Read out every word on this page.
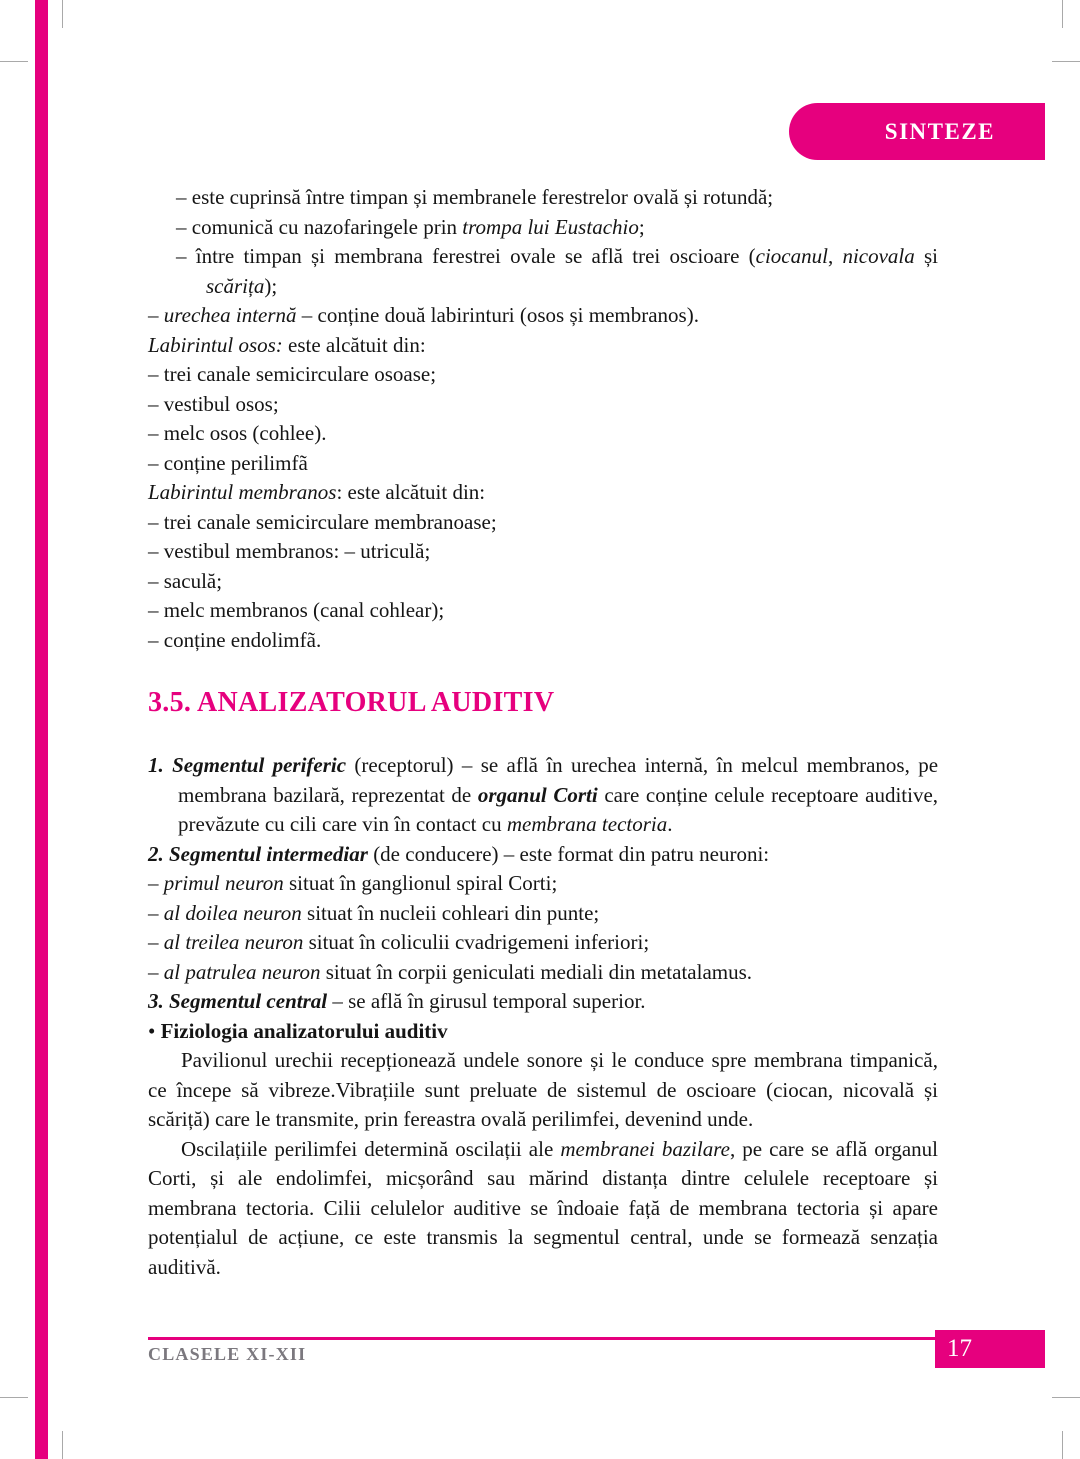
SINTEZE

– este cuprinsă între timpan și membranele ferestrelor ovală și rotundă;

– comunică cu nazofaringele prin trompa lui Eustachio;

– între timpan și membrana ferestrei ovale se află trei oscioare (ciocanul, nicovala și scărița);

– urechea internă – conține două labirinturi (osos și membranos).

Labirintul osos: este alcătuit din:

– trei canale semicirculare osoase;

– vestibul osos;

– melc osos (cohlee).

– conține perilimfã

Labirintul membranos: este alcătuit din:

– trei canale semicirculare membranoase;

– vestibul membranos: – utriculă;

– saculă;

– melc membranos (canal cohlear);

– conține endolimfã.

3.5. ANALIZATORUL AUDITIV

1. Segmentul periferic (receptorul) – se află în urechea internă, în melcul membranos, pe membrana bazilară, reprezentat de organul Corti care conține celule receptoare auditive, prevăzute cu cili care vin în contact cu membrana tectoria.

2. Segmentul intermediar (de conducere) – este format din patru neuroni:

– primul neuron situat în ganglionul spiral Corti;

– al doilea neuron situat în nucleii cohleari din punte;

– al treilea neuron situat în coliculii cvadrigemeni inferiori;

– al patrulea neuron situat în corpii geniculati mediali din metatalamus.

3. Segmentul central – se află în girusul temporal superior.

• Fiziologia analizatorului auditiv

Pavilionul urechii recepționează undele sonore și le conduce spre membrana timpanică, ce începe să vibreze.Vibrațiile sunt preluate de sistemul de oscioare (ciocan, nicovală și scăriță) care le transmite, prin fereastra ovală perilimfei, devenind unde.

Oscilațiile perilimfei determină oscilații ale membranei bazilare, pe care se află organul Corti, și ale endolimfei, micșorând sau mărind distanța dintre celulele receptoare și membrana tectoria. Cilii celulelor auditive se îndoaie față de membrana tectoria și apare potențialul de acțiune, ce este transmis la segmentul central, unde se formează senzația auditivă.

CLASELE XI-XII	17
